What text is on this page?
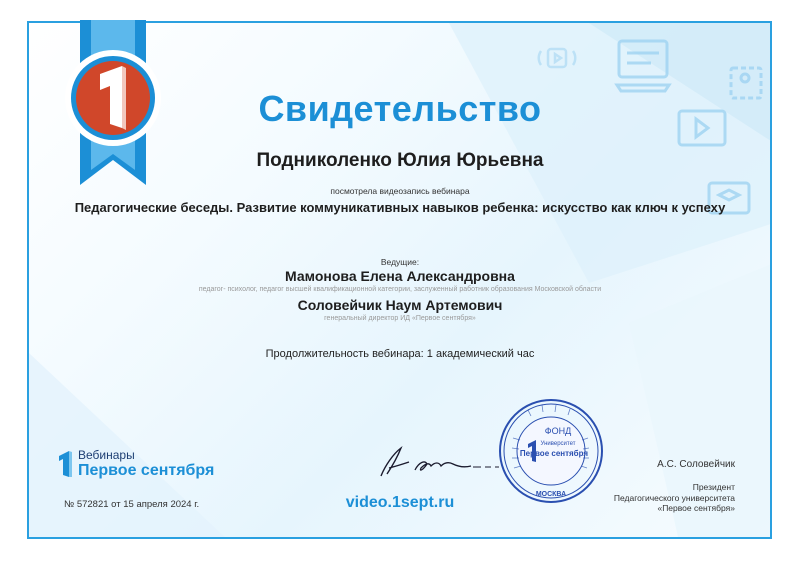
Свидетельство
Подниколенко Юлия Юрьевна
посмотрела видеозапись вебинара
Педагогические беседы. Развитие коммуникативных навыков ребенка: искусство как ключ к успеху
Ведущие:
Мамонова Елена Александровна
педагог- психолог, педагог высшей квалификационной категории, заслуженный работник образования Московской области
Соловейчик Наум Артемович
генеральный директор ИД «Первое сентября»
Продолжительность вебинара: 1 академический час
Вебинары
Первое сентября
№ 572821 от 15 апреля 2024 г.	video.1sept.ru
ФОНД
Университет
Первое сентября
МОСКВА
А.С. Соловейчик
Президент
Педагогического университета
«Первое сентября»
